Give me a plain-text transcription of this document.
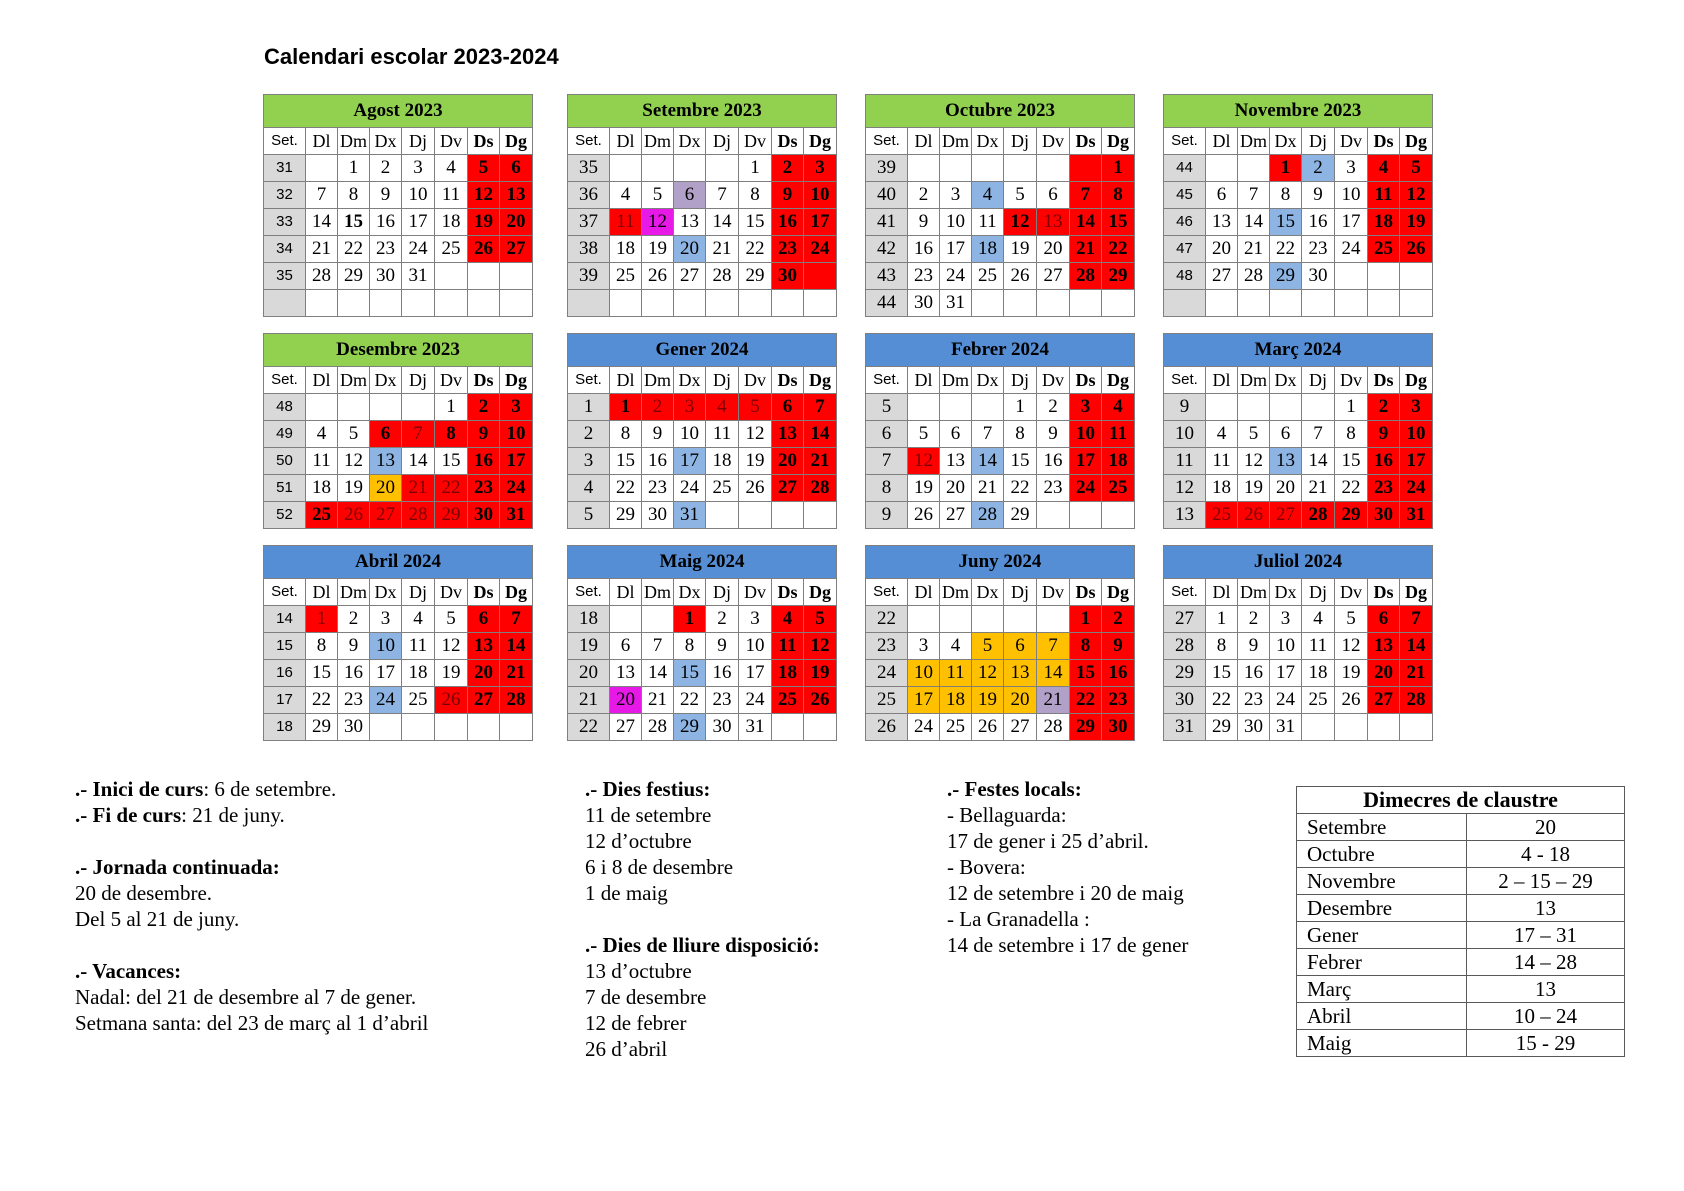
Calendari escolar 2023-2024
Agost 2023							
Set.	Dl	Dm	Dx	Dj	Dv	Ds	Dg
31		1	2	3	4	5	6
32	7	8	9	10	11	12	13
33	14	15	16	17	18	19	20
34	21	22	23	24	25	26	27
35	28	29	30	31			

Setembre 2023							
Set.	Dl	Dm	Dx	Dj	Dv	Ds	Dg
35					1	2	3
36	4	5	6	7	8	9	10
37	11	12	13	14	15	16	17
38	18	19	20	21	22	23	24
39	25	26	27	28	29	30	

Octubre 2023							
Set.	Dl	Dm	Dx	Dj	Dv	Ds	Dg
39							1
40	2	3	4	5	6	7	8
41	9	10	11	12	13	14	15
42	16	17	18	19	20	21	22
43	23	24	25	26	27	28	29
44	30	31					
Novembre 2023							
Set.	Dl	Dm	Dx	Dj	Dv	Ds	Dg
44			1	2	3	4	5
45	6	7	8	9	10	11	12
46	13	14	15	16	17	18	19
47	20	21	22	23	24	25	26
48	27	28	29	30			

Desembre 2023							
Set.	Dl	Dm	Dx	Dj	Dv	Ds	Dg
48					1	2	3
49	4	5	6	7	8	9	10
50	11	12	13	14	15	16	17
51	18	19	20	21	22	23	24
52	25	26	27	28	29	30	31
Gener 2024							
Set.	Dl	Dm	Dx	Dj	Dv	Ds	Dg
1	1	2	3	4	5	6	7
2	8	9	10	11	12	13	14
3	15	16	17	18	19	20	21
4	22	23	24	25	26	27	28
5	29	30	31				
Febrer 2024							
Set.	Dl	Dm	Dx	Dj	Dv	Ds	Dg
5				1	2	3	4
6	5	6	7	8	9	10	11
7	12	13	14	15	16	17	18
8	19	20	21	22	23	24	25
9	26	27	28	29			
Març 2024							
Set.	Dl	Dm	Dx	Dj	Dv	Ds	Dg
9					1	2	3
10	4	5	6	7	8	9	10
11	11	12	13	14	15	16	17
12	18	19	20	21	22	23	24
13	25	26	27	28	29	30	31
Abril 2024							
Set.	Dl	Dm	Dx	Dj	Dv	Ds	Dg
14	1	2	3	4	5	6	7
15	8	9	10	11	12	13	14
16	15	16	17	18	19	20	21
17	22	23	24	25	26	27	28
18	29	30					
Maig 2024							
Set.	Dl	Dm	Dx	Dj	Dv	Ds	Dg
18			1	2	3	4	5
19	6	7	8	9	10	11	12
20	13	14	15	16	17	18	19
21	20	21	22	23	24	25	26
22	27	28	29	30	31		
Juny 2024							
Set.	Dl	Dm	Dx	Dj	Dv	Ds	Dg
22						1	2
23	3	4	5	6	7	8	9
24	10	11	12	13	14	15	16
25	17	18	19	20	21	22	23
26	24	25	26	27	28	29	30
Juliol 2024							
Set.	Dl	Dm	Dx	Dj	Dv	Ds	Dg
27	1	2	3	4	5	6	7
28	8	9	10	11	12	13	14
29	15	16	17	18	19	20	21
30	22	23	24	25	26	27	28
31	29	30	31				
.- Inici de curs: 6 de setembre.
.- Fi de curs: 21 de juny.
.- Jornada continuada:
20 de desembre.
Del 5 al 21 de juny.
.- Vacances:
Nadal: del 21 de desembre al 7 de gener.
Setmana santa: del 23 de març al 1 d’abril
.- Dies festius:
11 de setembre
12 d’octubre
6 i 8 de desembre
1 de maig
.- Dies de lliure disposició:
13 d’octubre
7 de desembre
12 de febrer
26 d’abril
.- Festes locals:
- Bellaguarda:
17 de gener i 25 d’abril.
- Bovera:
12 de setembre i 20 de maig
- La Granadella :
14 de setembre i 17 de gener
Dimecres de claustre	
Setembre	20
Octubre	4 - 18
Novembre	2 – 15 – 29
Desembre	13
Gener	17 – 31
Febrer	14 – 28
Març	13
Abril	10 – 24
Maig	15 - 29
